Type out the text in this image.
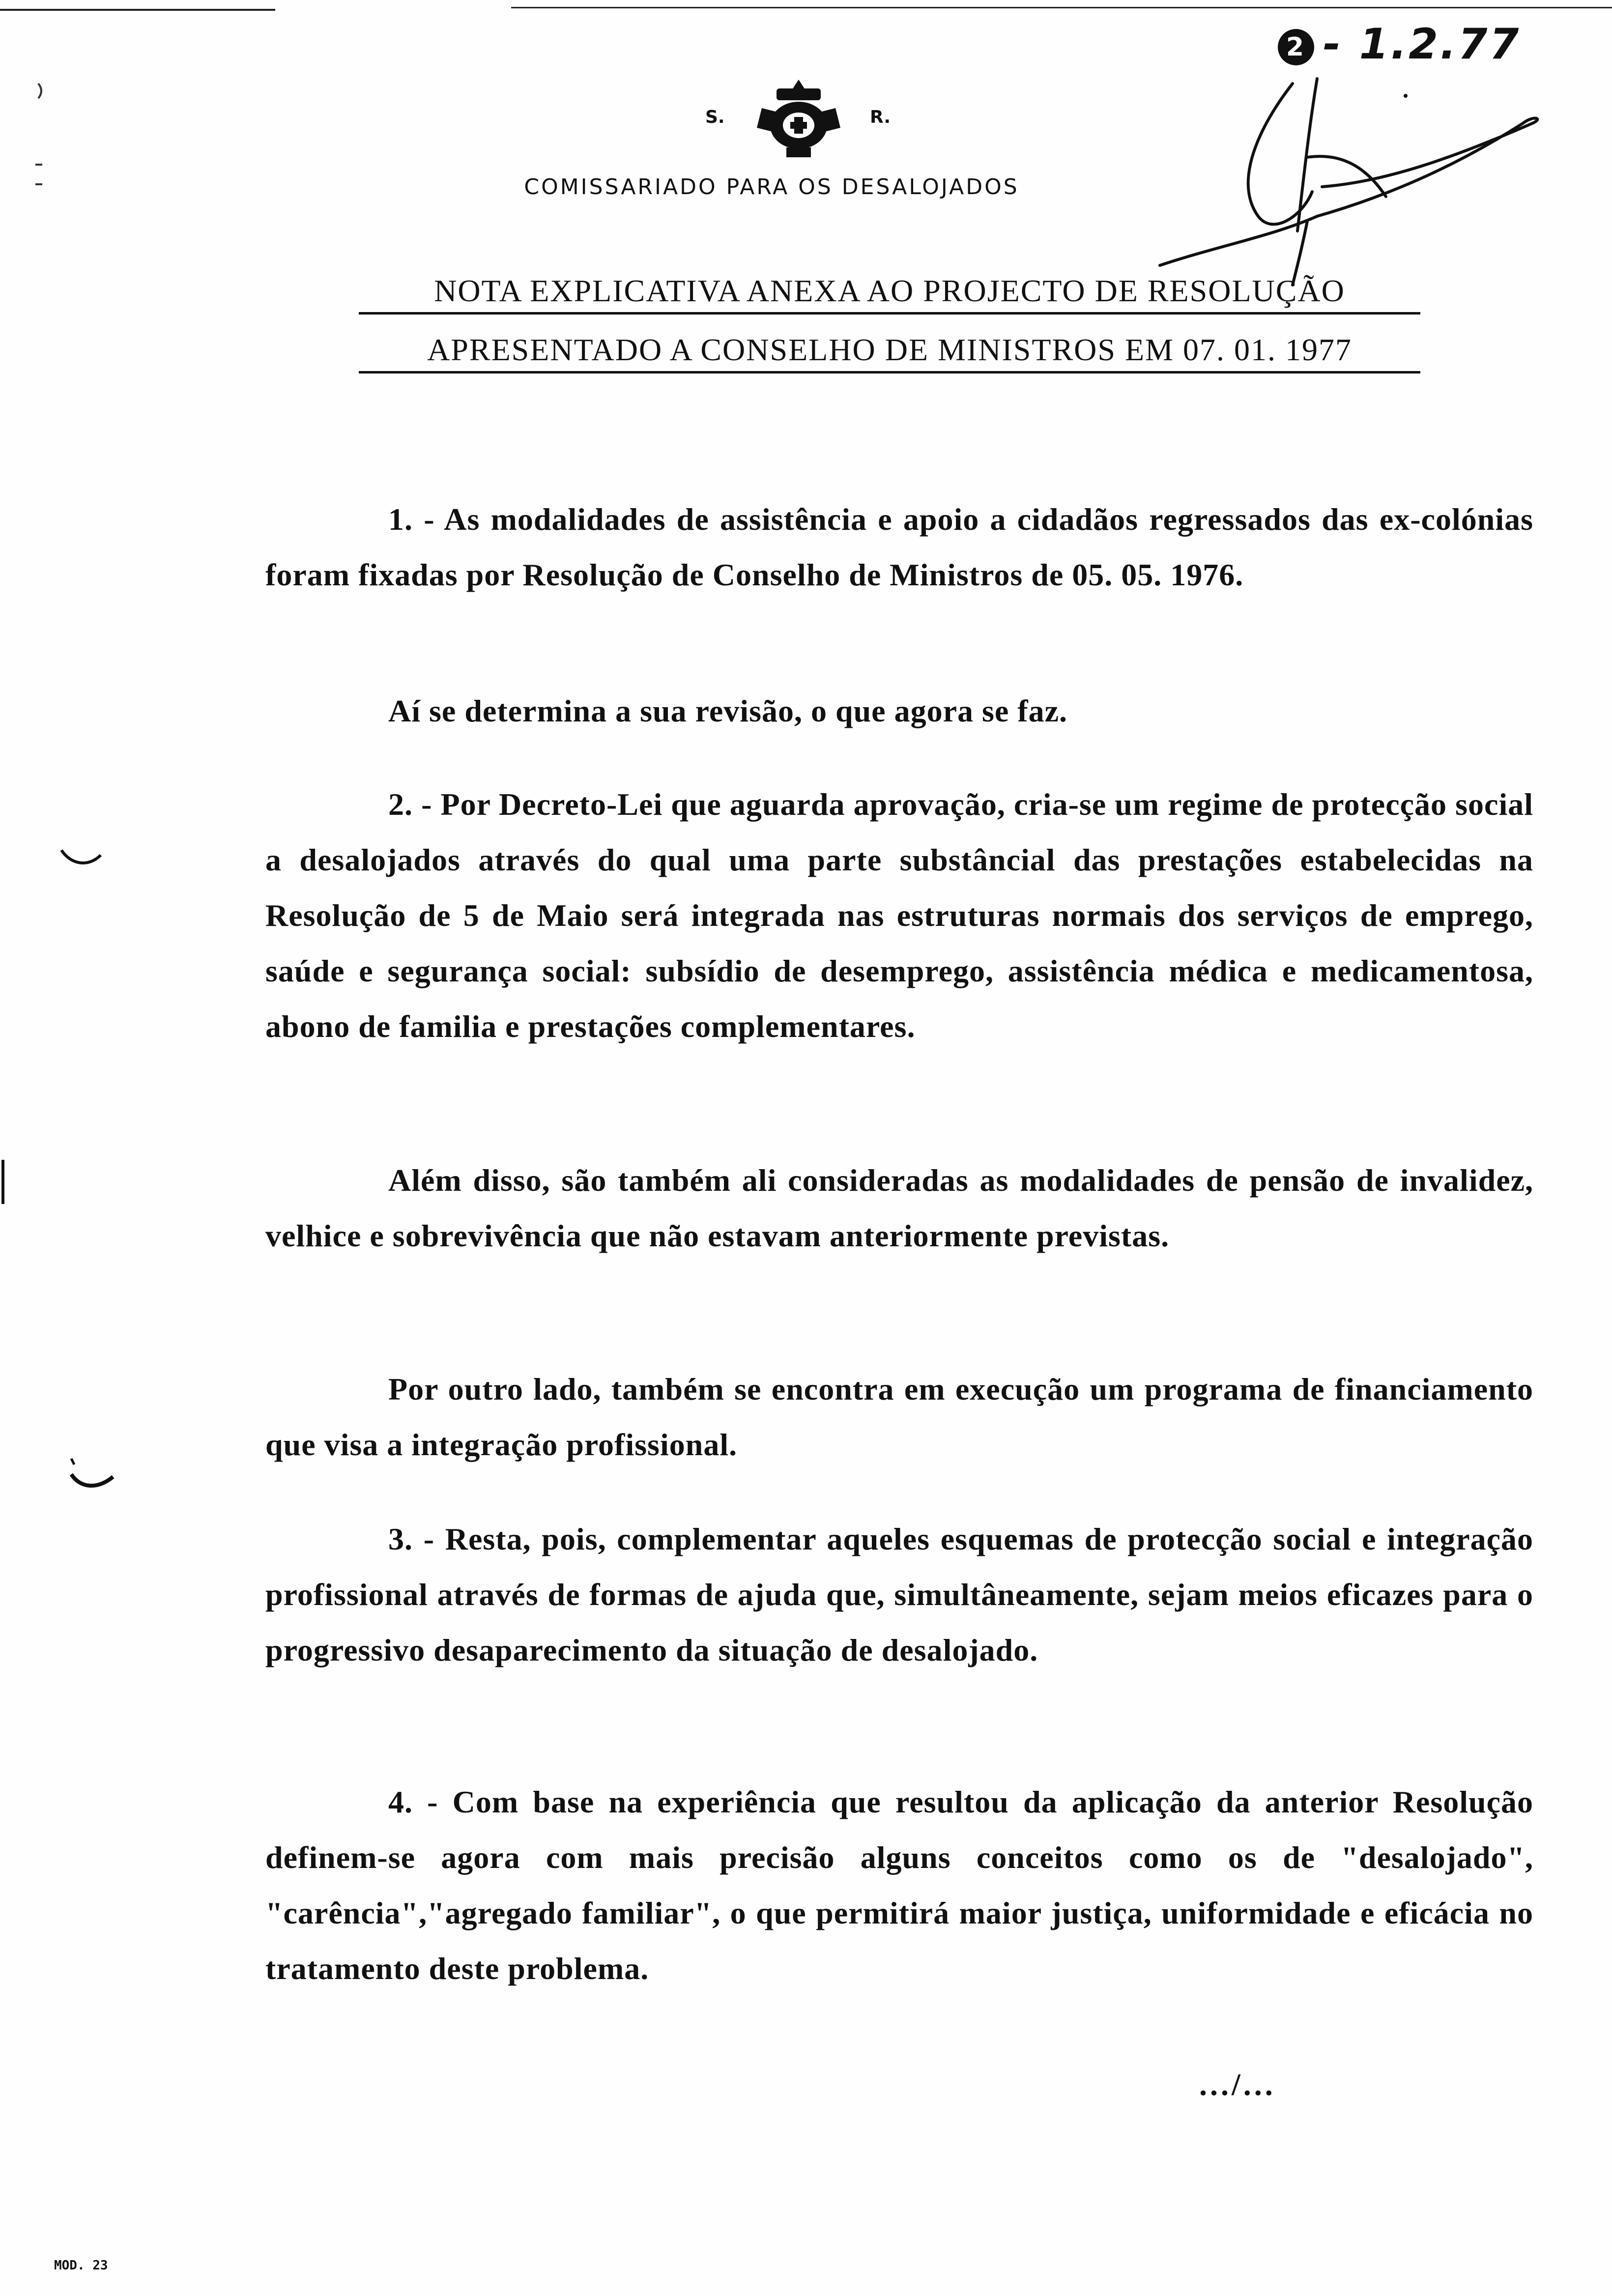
2 - 1.2.77
S.	R.
COMISSARIADO PARA OS DESALOJADOS
NOTA EXPLICATIVA ANEXA AO PROJECTO DE RESOLUÇÃO
APRESENTADO A CONSELHO DE MINISTROS EM 07. 01. 1977

1. - As modalidades de assistência e apoio a cidadãos regressados das ex-colónias foram fixadas por Resolução de Conselho de Ministros de 05. 05. 1976.

Aí se determina a sua revisão, o que agora se faz.

2. - Por Decreto-Lei que aguarda aprovação, cria-se um regime de protecção social a desalojados através do qual uma parte substâncial das prestações estabelecidas na Resolução de 5 de Maio será integrada nas estruturas normais dos serviços de emprego, saúde e segurança social: subsídio de desemprego, assistência médica e medicamentosa, abono de familia e prestações complementares.

Além disso, são também ali consideradas as modalidades de pensão de invalidez, velhice e sobrevivência que não estavam anteriormente previstas.

Por outro lado, também se encontra em execução um programa de financiamento que visa a integração profissional.

3. - Resta, pois, complementar aqueles esquemas de protecção social e integração profissional através de formas de ajuda que, simultâneamente, sejam meios eficazes para o progressivo desaparecimento da situação de desalojado.

4. - Com base na experiência que resultou da aplicação da anterior Resolução definem-se agora com mais precisão alguns conceitos como os de "desalojado", "carência","agregado familiar", o que permitirá maior justiça, uniformidade e eficácia no tratamento deste problema.

.../...
MOD. 23
